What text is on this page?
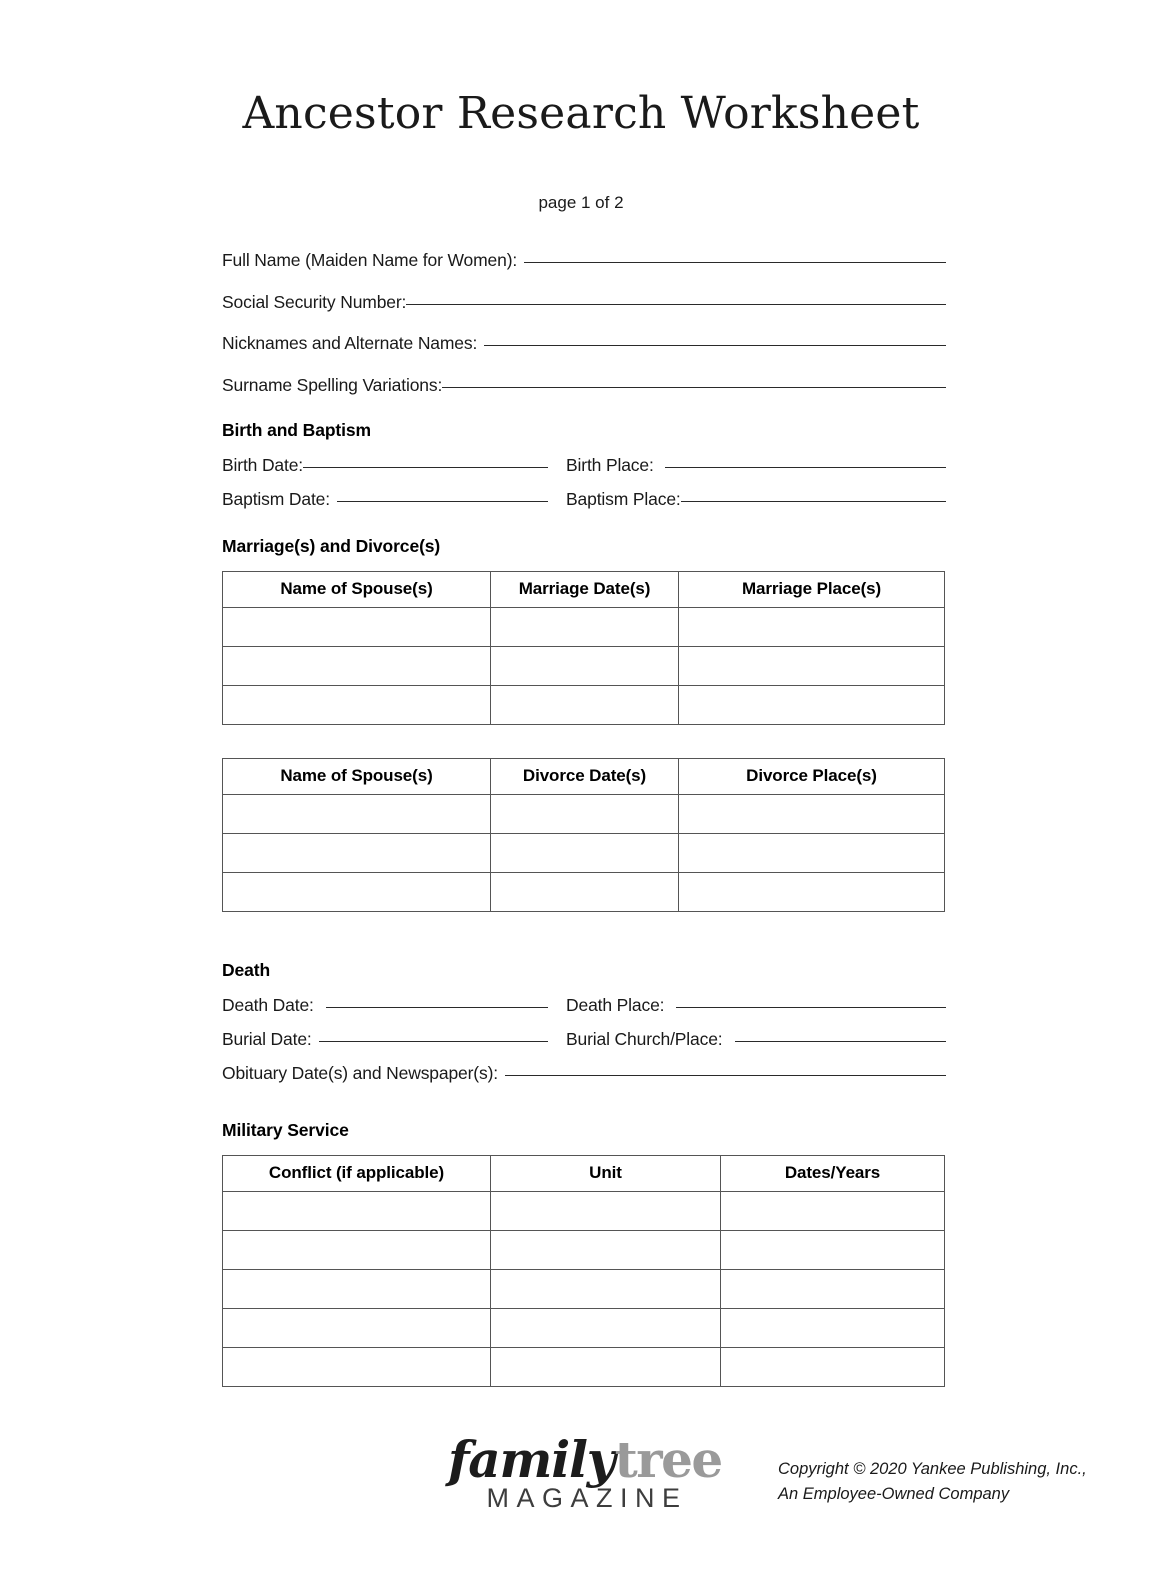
Ancestor Research Worksheet
page 1 of 2
Full Name (Maiden Name for Women):
Social Security Number:
Nicknames and Alternate Names:
Surname Spelling Variations:
Birth and Baptism
Birth Date:	Birth Place:
Baptism Date:	Baptism Place:
Marriage(s) and Divorce(s)
Name of Spouse(s)	Marriage Date(s)	Marriage Place(s)

Name of Spouse(s)	Divorce Date(s)	Divorce Place(s)

Death
Death Date:	Death Place:
Burial Date:	Burial Church/Place:
Obituary Date(s) and Newspaper(s):
Military Service
Conflict (if applicable)	Unit	Dates/Years

familytree
MAGAZINE
Copyright © 2020 Yankee Publishing, Inc.,
An Employee-Owned Company
